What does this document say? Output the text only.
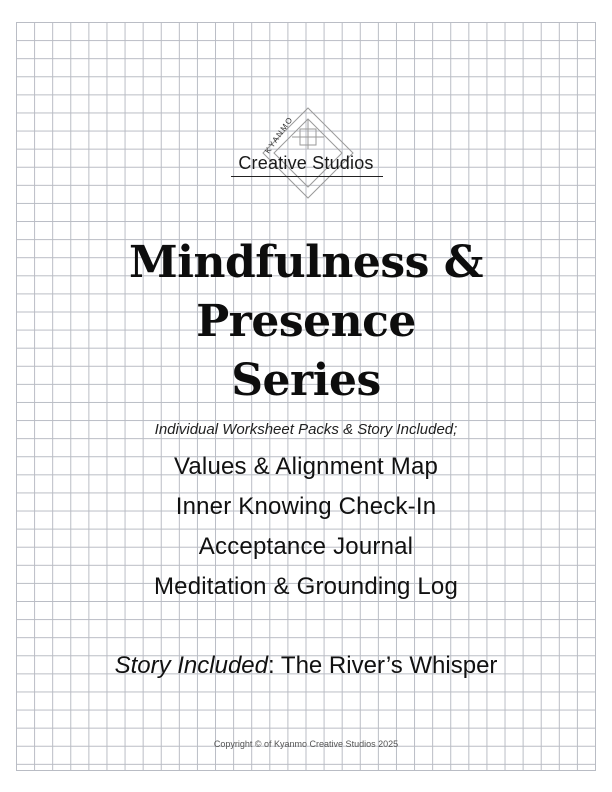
KYANMO
Creative Studios
Mindfulness &
Presence
Series
Individual Worksheet Packs & Story Included;
Values & Alignment Map
Inner Knowing Check-In
Acceptance Journal
Meditation & Grounding Log
Story Included: The River’s Whisper
Copyright © of Kyanmo Creative Studios 2025
